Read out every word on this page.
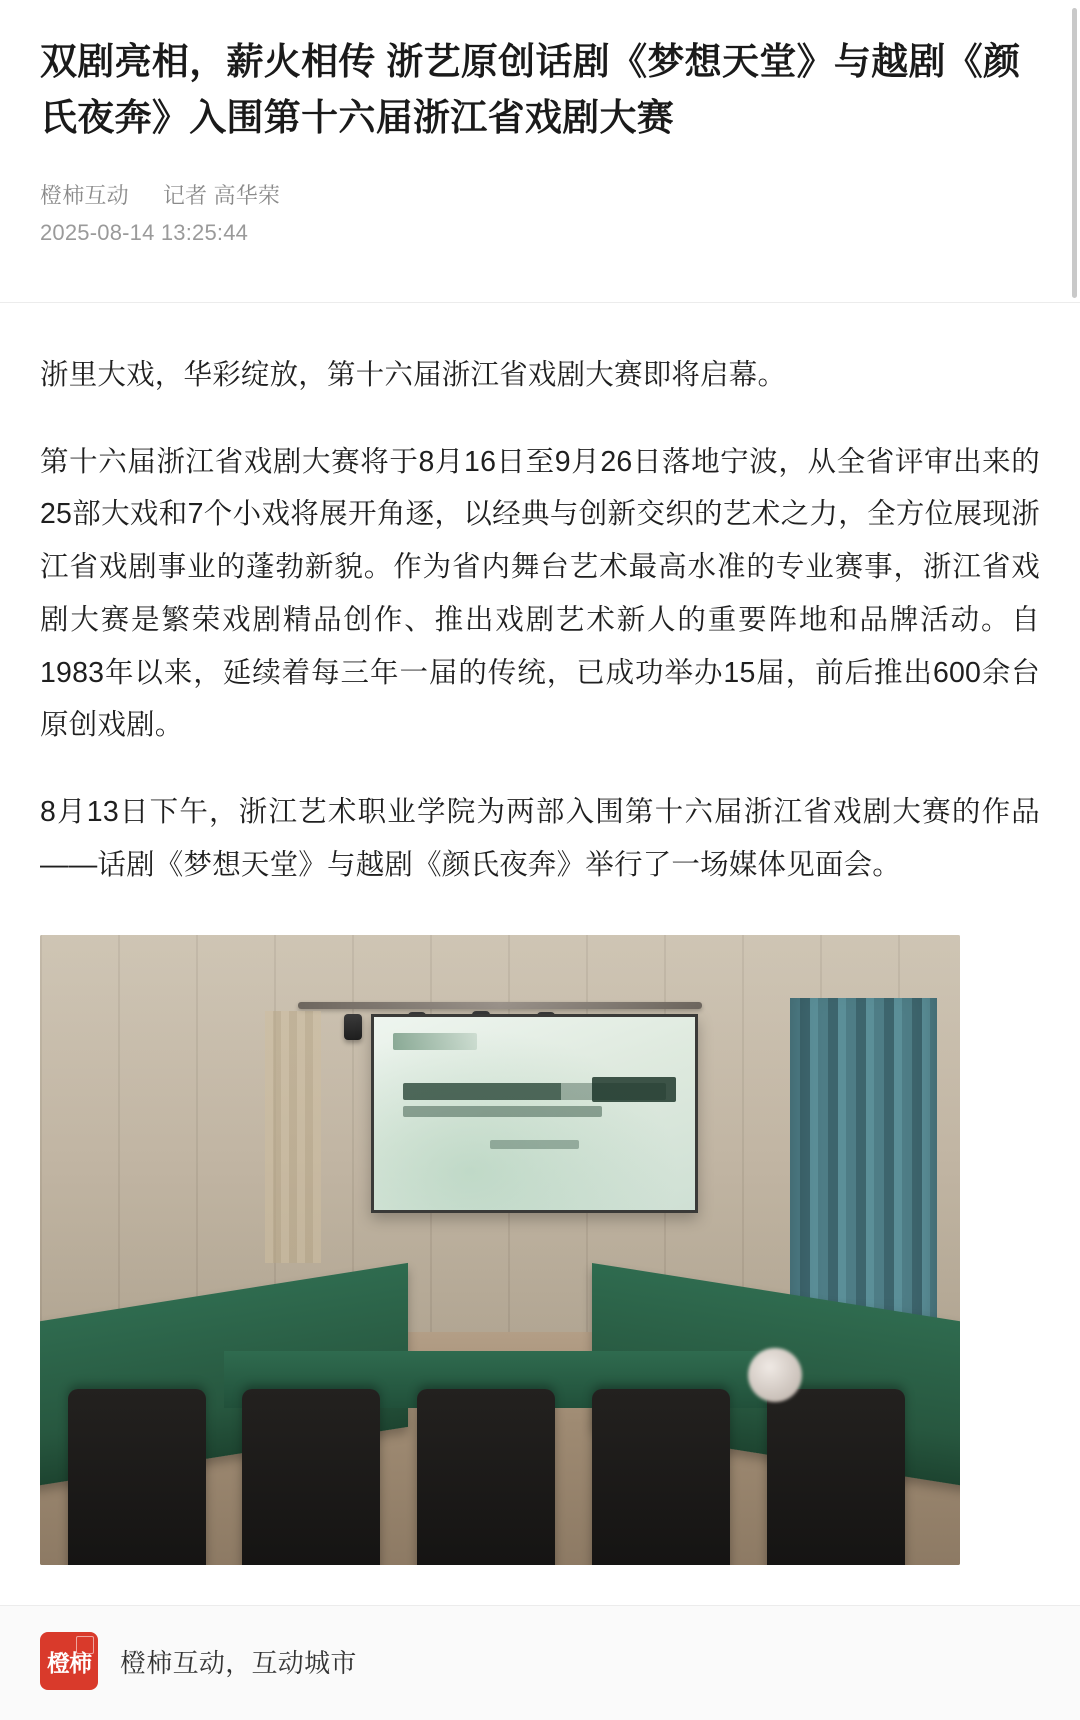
双剧亮相，薪火相传 浙艺原创话剧《梦想天堂》与越剧《颜氏夜奔》入围第十六届浙江省戏剧大赛
橙柿互动 记者 高华荣
2025-08-14 13:25:44

浙里大戏，华彩绽放，第十六届浙江省戏剧大赛即将启幕。

第十六届浙江省戏剧大赛将于8月16日至9月26日落地宁波，从全省评审出来的25部大戏和7个小戏将展开角逐，以经典与创新交织的艺术之力，全方位展现浙江省戏剧事业的蓬勃新貌。作为省内舞台艺术最高水准的专业赛事，浙江省戏剧大赛是繁荣戏剧精品创作、推出戏剧艺术新人的重要阵地和品牌活动。自1983年以来，延续着每三年一届的传统，已成功举办15届，前后推出600余台原创戏剧。

8月13日下午，浙江艺术职业学院为两部入围第十六届浙江省戏剧大赛的作品——话剧《梦想天堂》与越剧《颜氏夜奔》举行了一场媒体见面会。

橙柿 橙柿互动，互动城市
